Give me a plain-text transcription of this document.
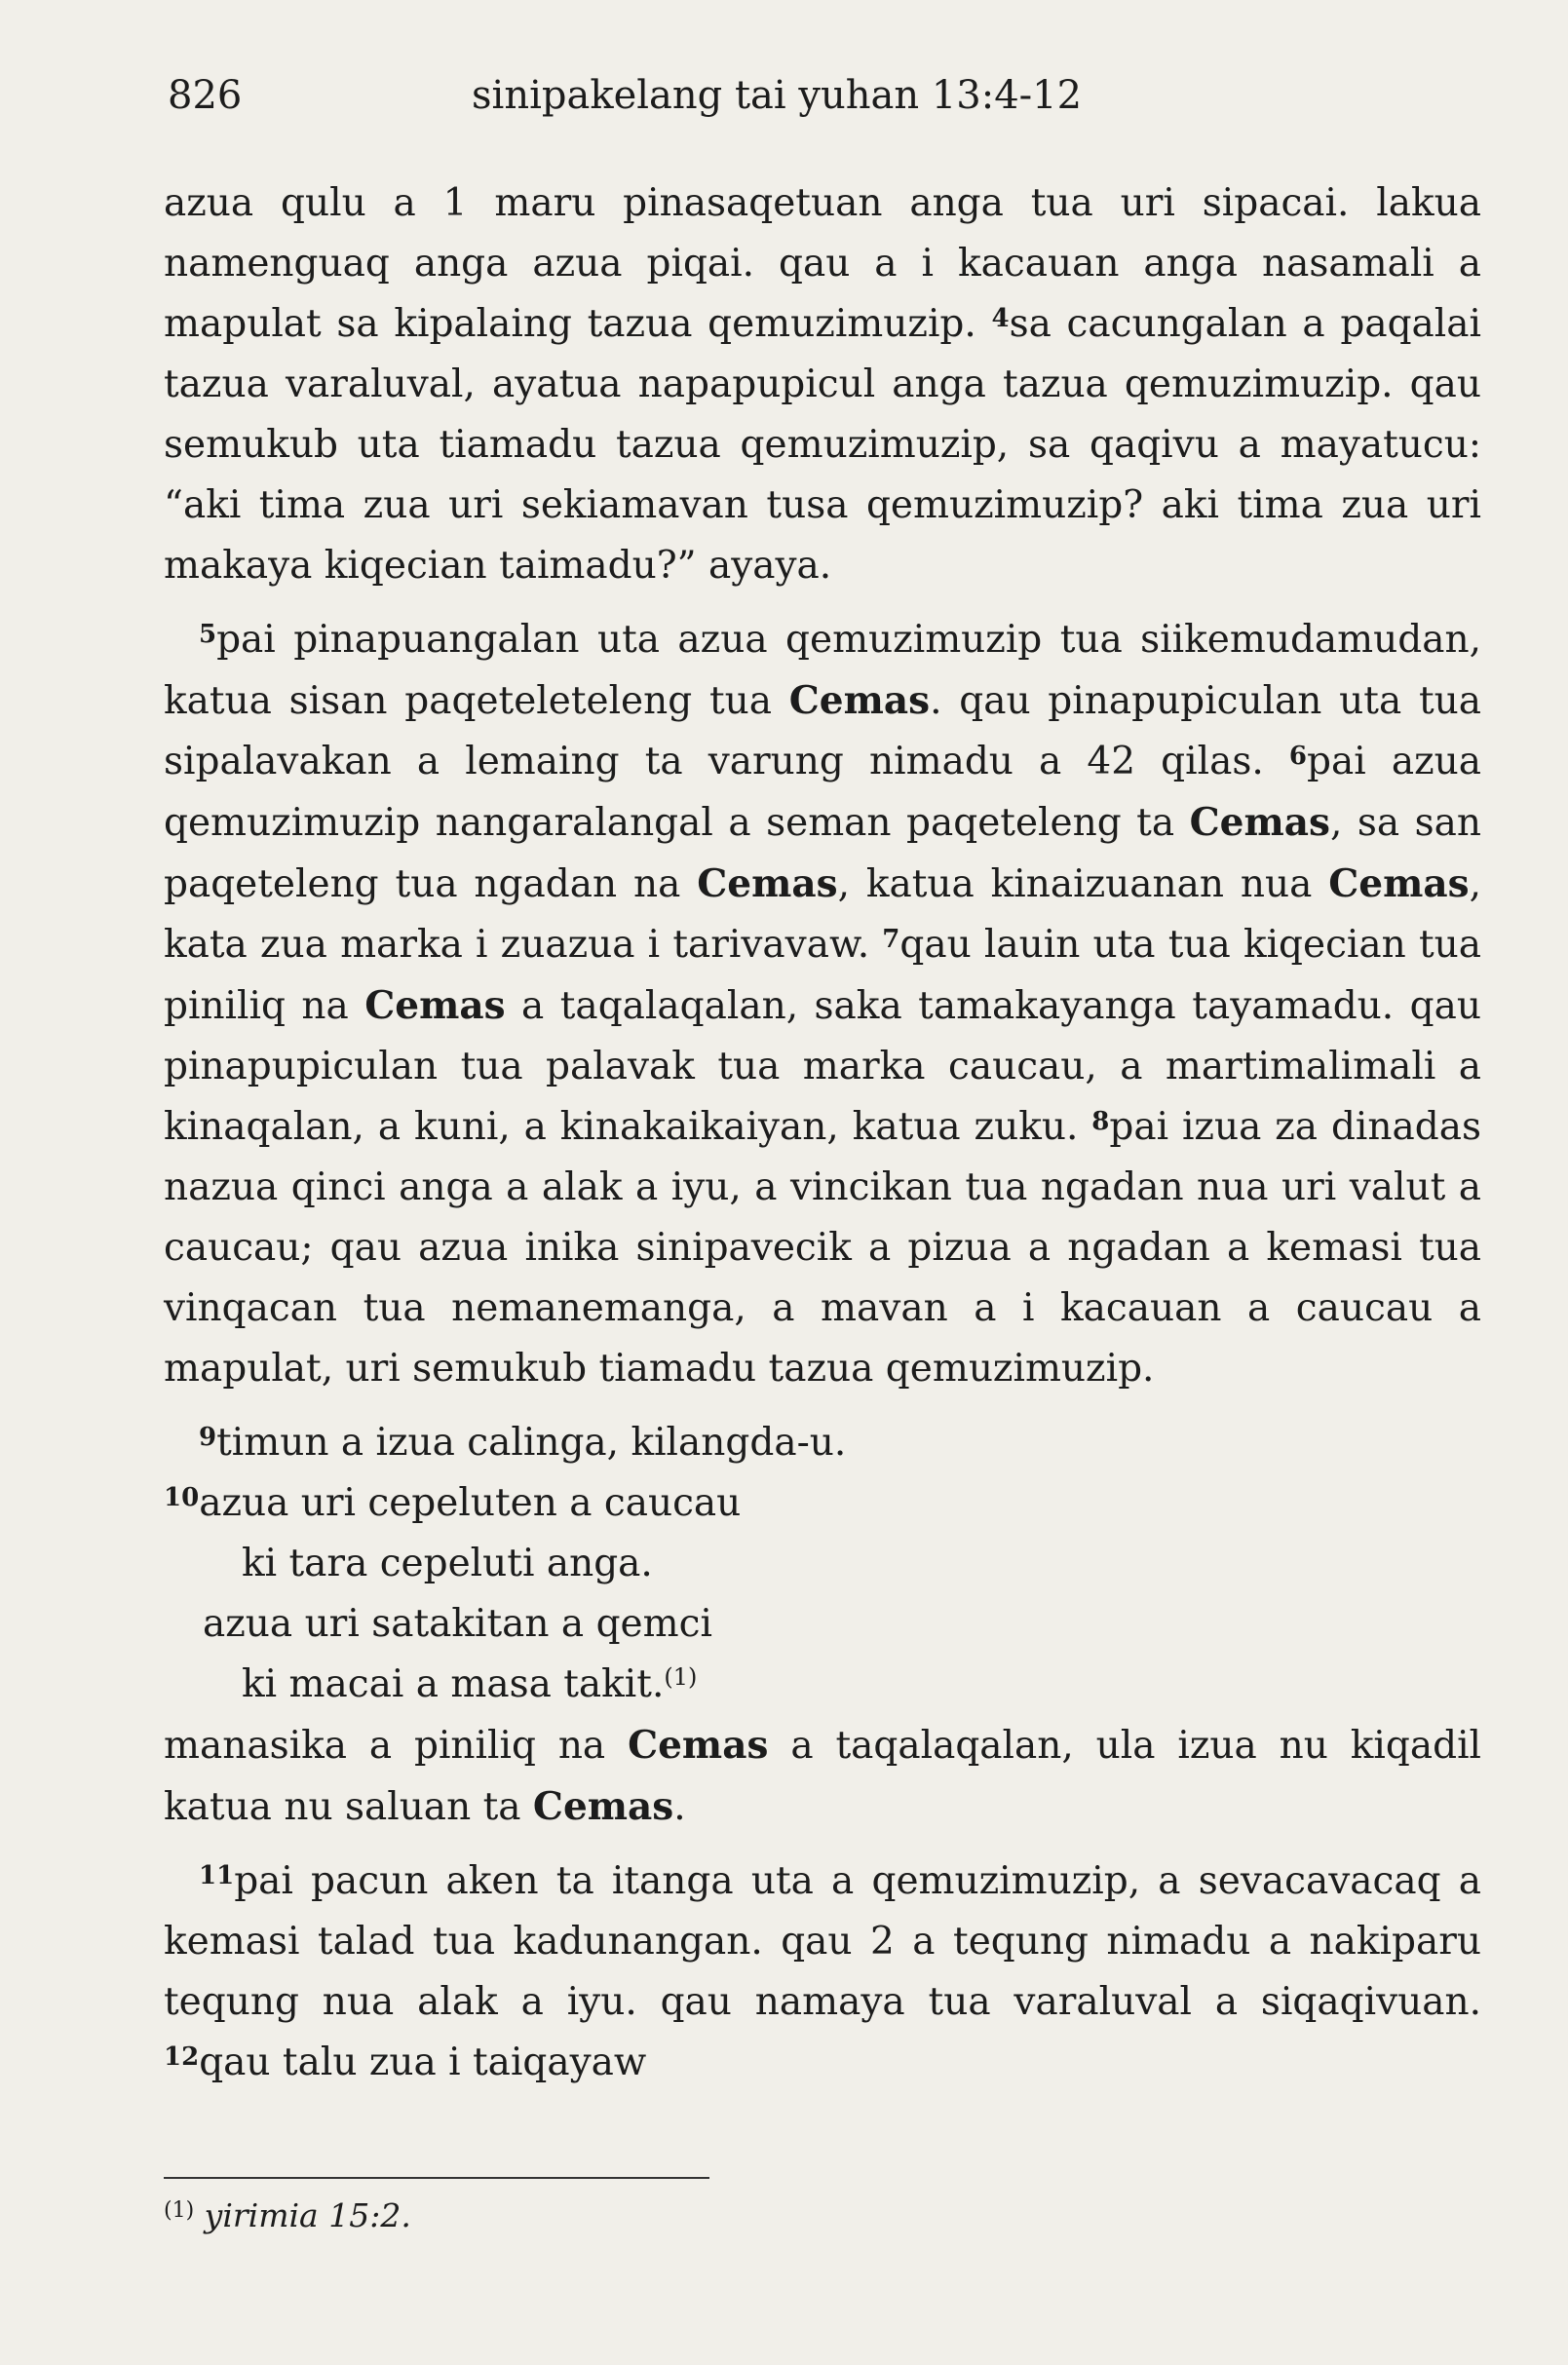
826	sinipakelang tai yuhan 13:4-12

azua qulu a 1 maru pinasaqetuan anga tua uri sipacai. lakua namenguaq anga azua piqai. qau a i kacauan anga nasamali a mapulat sa kipalaing tazua qemuzimuzip. $^4$sa cacungalan a paqalai tazua varaluval, ayatua napapupicul anga tazua qemuzimuzip. qau semukub uta tiamadu tazua qemuzimuzip, sa qaqivu a mayatucu: “aki tima zua uri sekiamavan tusa qemuzimuzip? aki tima zua uri makaya kiqecian taimadu?” ayaya.

$^5$pai pinapuangalan uta azua qemuzimuzip tua siikemudamudan, katua sisan paqeteleteleng tua Cemas. qau pinapupiculan uta tua sipalavakan a lemaing ta varung nimadu a 42 qilas. $^6$pai azua qemuzimuzip nangaralangal a seman paqeteleng ta Cemas, sa san paqeteleng tua ngadan na Cemas, katua kinaizuanan nua Cemas, kata zua marka i zuazua i tarivavaw. $^7$qau lauin uta tua kiqecian tua piniliq na Cemas a taqalaqalan, saka tamakayanga tayamadu. qau pinapupiculan tua palavak tua marka caucau, a martimalimali a kinaqalan, a kuni, a kinakaikaiyan, katua zuku. $^8$pai izua za dinadas nazua qinci anga a alak a iyu, a vincikan tua ngadan nua uri valut a caucau; qau azua inika sinipavecik a pizua a ngadan a kemasi tua vinqacan tua nemanemanga, a mavan a i kacauan a caucau a mapulat, uri semukub tiamadu tazua qemuzimuzip.

$^9$timun a izua calinga, kilangda-u.

$^{10}$azua uri cepeluten a caucau

ki tara cepeluti anga.

azua uri satakitan a qemci

ki macai a masa takit.$^{(1)}$

manasika a piniliq na Cemas a taqalaqalan, ula izua nu kiqadil katua nu saluan ta Cemas.

$^{11}$pai pacun aken ta itanga uta a qemuzimuzip, a sevacavacaq a kemasi talad tua kadunangan. qau 2 a tequng nimadu a nakiparu tequng nua alak a iyu. qau namaya tua varaluval a siqaqivuan. $^{12}$qau talu zua i taiqayaw

$^{(1)}$ yirimia 15:2.
